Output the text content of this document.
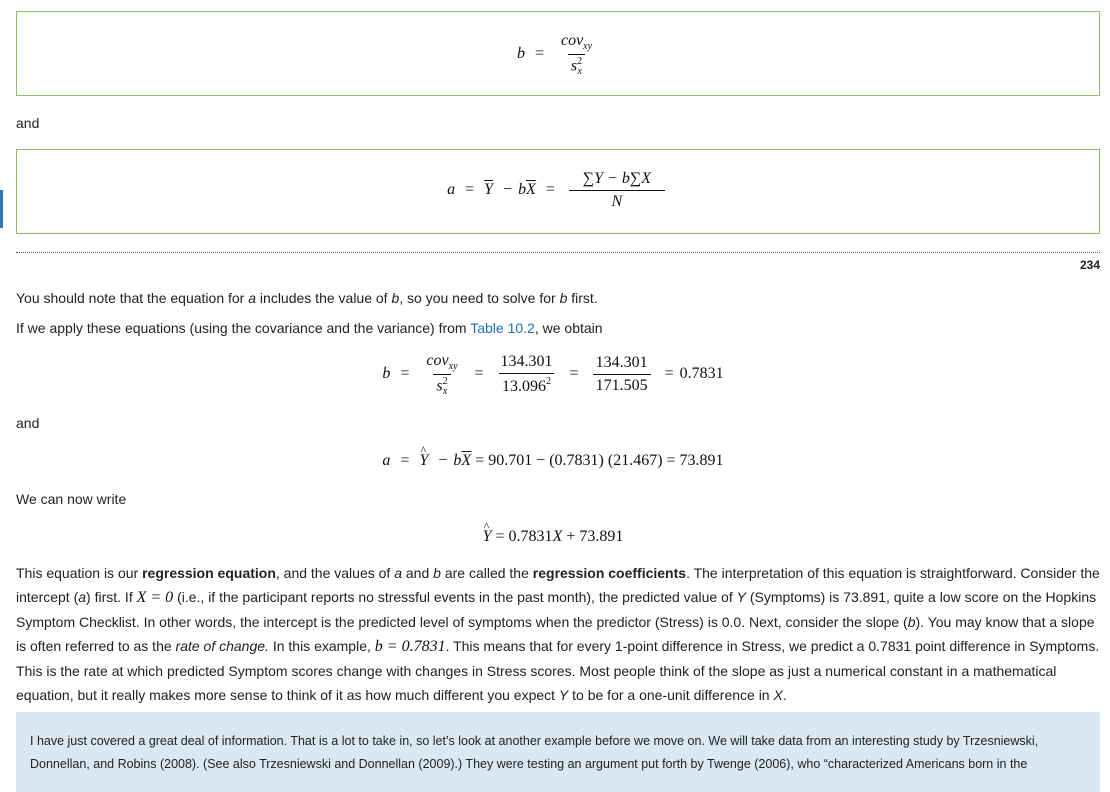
b = cov$_{xy}$
s 2
x
and
$a = \overline{Y} - b\overline{X} = \frac{\sum Y - b\sum X}{N}$
234
You should note that the equation for a includes the value of b, so you need to solve for b first.
If we apply these equations (using the covariance and the variance) from Table 10.2, we obtain
b = cov$_{xy}$
s 2
$x = \frac{134.301}{13.096^2} = \frac{134.301}{171.505} = 0.7831$
and
a = Y ^ − $b\overline{X} = 90.701 - (0.7831) (21.467) = 73.891$
We can now write
Y ^ = 0.7831X + 73.891
This equation is our regression equation, and the values of a and b are called the regression coefficients. The interpretation of this equation is straightforward. Consider the intercept (a) first. If X = 0 (i.e., if the participant reports no stressful events in the past month), the predicted value of Y (Symptoms) is 73.891, quite a low score on the Hopkins Symptom Checklist. In other words, the intercept is the predicted level of symptoms when the predictor (Stress) is 0.0. Next, consider the slope (b). You may know that a slope is often referred to as the rate of change. In this example, b = 0.7831. This means that for every 1-point difference in Stress, we predict a 0.7831 point difference in Symptoms. This is the rate at which predicted Symptom scores change with changes in Stress scores. Most people think of the slope as just a numerical constant in a mathematical equation, but it really makes more sense to think of it as how much different you expect Y to be for a one-unit difference in X.
I have just covered a great deal of information. That is a lot to take in, so let’s look at another example before we move on. We will take data from an interesting study by Trzesniewski, Donnellan, and Robins (2008). (See also Trzesniewski and Donnellan (2009).) They were testing an argument put forth by Twenge (2006), who “characterized Americans born in the
